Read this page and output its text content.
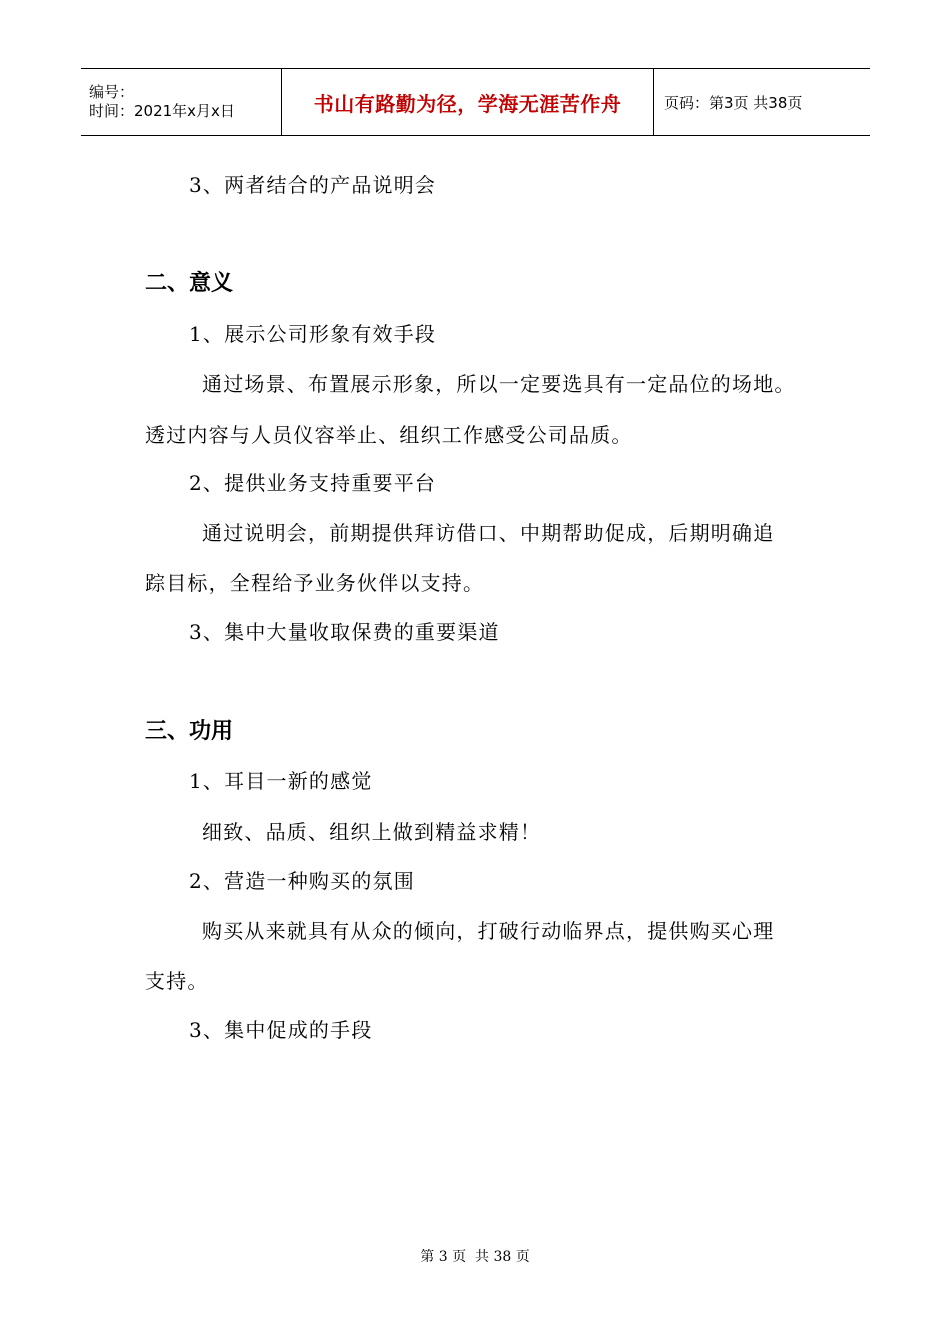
编号：
时间：2021年x月x日	书山有路勤为径，学海无涯苦作舟	页码：第3页 共38页
3、两者结合的产品说明会
二、意义
1、展示公司形象有效手段
通过场景、布置展示形象，所以一定要选具有一定品位的场地。
透过内容与人员仪容举止、组织工作感受公司品质。
2、提供业务支持重要平台
通过说明会，前期提供拜访借口、中期帮助促成，后期明确追
踪目标，全程给予业务伙伴以支持。
3、集中大量收取保费的重要渠道
三、功用
1、耳目一新的感觉
细致、品质、组织上做到精益求精！
2、营造一种购买的氛围
购买从来就具有从众的倾向，打破行动临界点，提供购买心理
支持。
3、集中促成的手段
第 3 页  共 38 页
